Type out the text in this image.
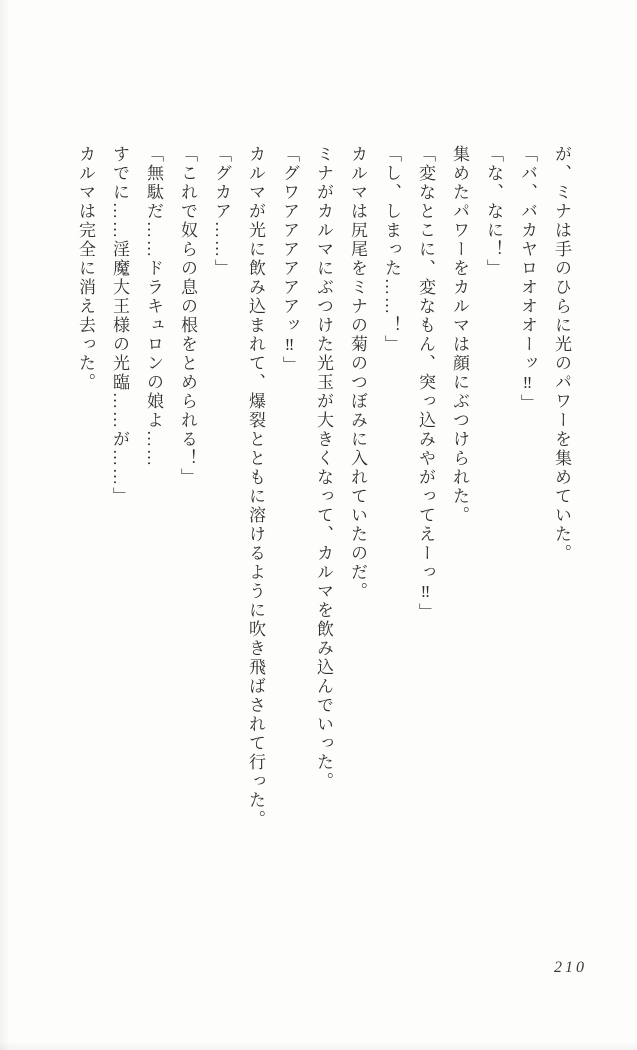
が、ミナは手のひらに光のパワーを集めていた。

「バ、バカヤロオオオーッ‼」

「な、なに！」

集めたパワーをカルマは顔にぶつけられた。

「変なとこに、変なもん、突っ込みやがってえーっ‼」

「し、しまった……！」

カルマは尻尾をミナの菊のつぼみに入れていたのだ。

ミナがカルマにぶつけた光玉が大きくなって、カルマを飲み込んでいった。

「グワアアアアアアッ‼」

カルマが光に飲み込まれて、爆裂とともに溶けるように吹き飛ばされて行った。

「グカア……」

「これで奴らの息の根をとめられる！」

「無駄だ……ドラキュロンの娘よ……

すでに……淫魔大王様の光臨……が……」

カルマは完全に消え去った。

210
